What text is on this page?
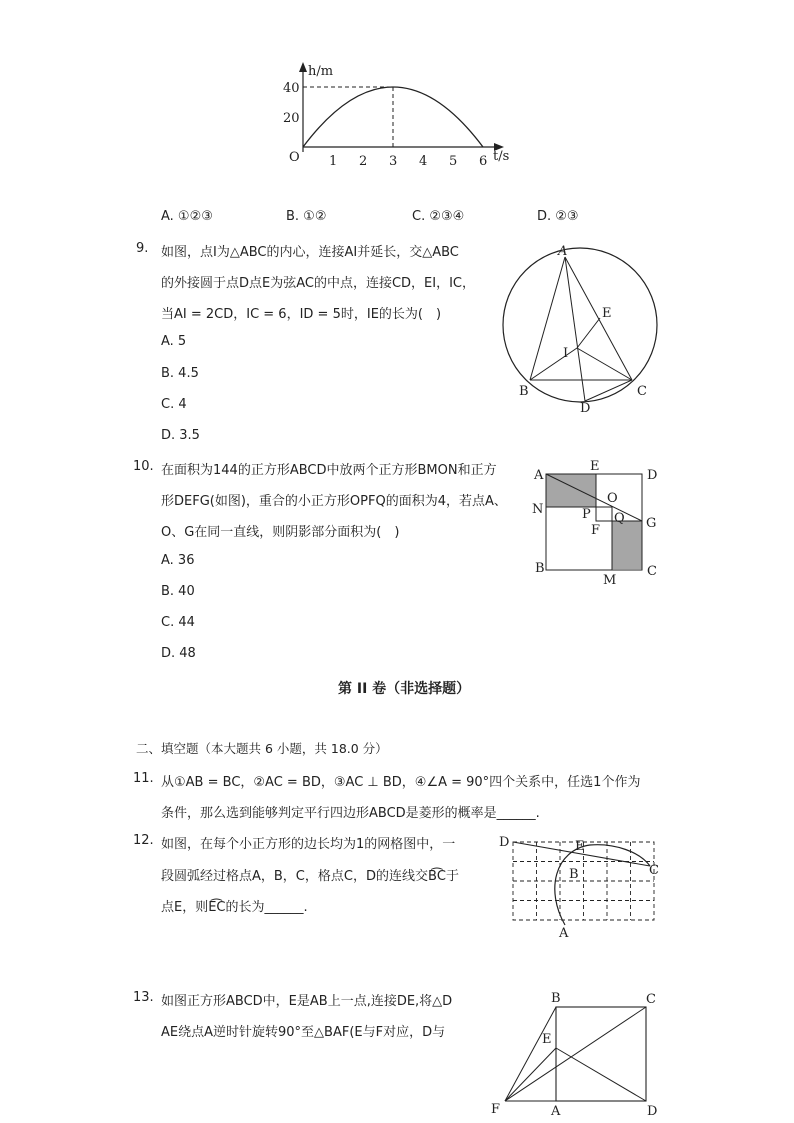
h/m
t/s
O
40
20
1 2 3 4 5 6
A. ①②③	B. ①②	C. ②③④	D. ②③
9. 如图，点I为△ABC的内心，连接AI并延长，交△ABC
的外接圆于点D点E为弦AC的中点，连接CD，EI，IC，
当AI = 2CD，IC = 6，ID = 5时，IE的长为(　)
A. 5
B. 4.5
C. 4
D. 3.5
A
B	C
D
E
I
10. 在面积为144的正方形ABCD中放两个正方形BMON和正方
形DEFG(如图)，重合的小正方形OPFQ的面积为4，若点A、
O、G在同一直线，则阴影部分面积为(　)
A. 36
B. 40
C. 44
D. 48
A
E
D
O
N	P Q G
F
B
M
C
第 II 卷（非选择题）
二、填空题（本大题共 6 小题，共 18.0 分）
11. 从①AB = BC，②AC = BD，③AC ⊥ BD，④∠A = 90°四个关系中，任选1个作为
条件，那么选到能够判定平行四边形ABCD是菱形的概率是______.
12. 如图，在每个小正方形的边长均为1的网格图中，一
段圆弧经过格点A，B，C，格点C，D的连线交B͡C于
点E，则E͡C的长为______.
D	E
C
B
A
13. 如图正方形ABCD中，E是AB上一点,连接DE,将△D
AE绕点A逆时针旋转90°至△BAF(E与F对应，D与
B	C
E
F	A	D
